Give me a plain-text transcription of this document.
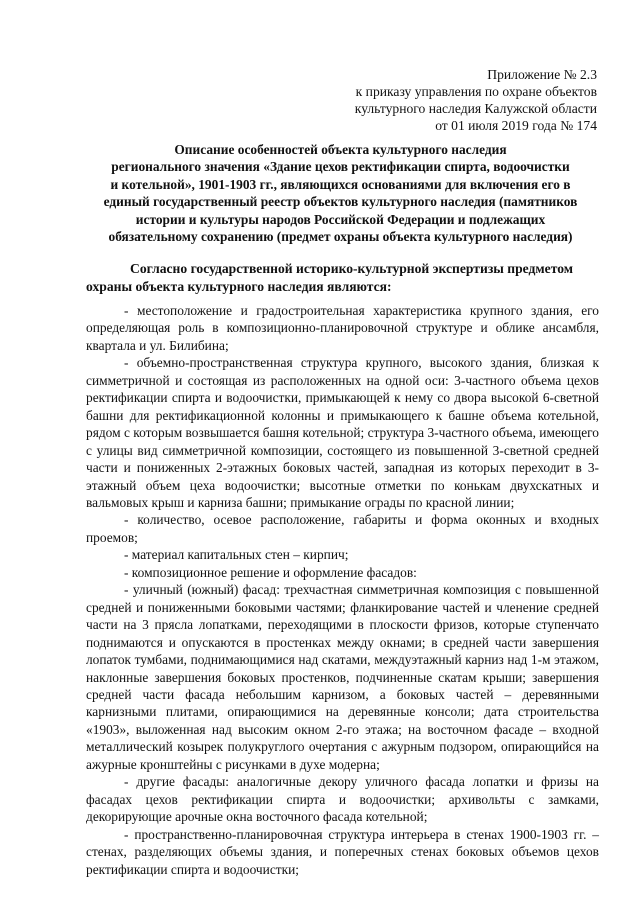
Приложение № 2.3
к приказу управления по охране объектов
культурного наследия Калужской области
от 01 июля 2019 года № 174
Описание особенностей объекта культурного наследия
регионального значения «Здание цехов ректификации спирта, водоочистки
и котельной», 1901-1903 гг., являющихся основаниями для включения его в
единый государственный реестр объектов культурного наследия (памятников
истории и культуры народов Российской Федерации и подлежащих
обязательному сохранению (предмет охраны объекта культурного наследия)
Согласно государственной историко-культурной экспертизы предметом
охраны объекта культурного наследия являются:

- местоположение и градостроительная характеристика крупного здания, его определяющая роль в композиционно-планировочной структуре и облике ансамбля, квартала и ул. Билибина;

- объемно-пространственная структура крупного, высокого здания, близкая к симметричной и состоящая из расположенных на одной оси: 3-частного объема цехов ректификации спирта и водоочистки, примыкающей к нему со двора высокой 6-светной башни для ректификационной колонны и примыкающего к башне объема котельной, рядом с которым возвышается башня котельной; структура 3-частного объема, имеющего с улицы вид симметричной композиции, состоящего из повышенной 3-светной средней части и пониженных 2-этажных боковых частей, западная из которых переходит в 3-этажный объем цеха водоочистки; высотные отметки по конькам двухскатных и вальмовых крыш и карниза башни; примыкание ограды по красной линии;

- количество, осевое расположение, габариты и форма оконных и входных проемов;

- материал капитальных стен – кирпич;

- композиционное решение и оформление фасадов:

- уличный (южный) фасад: трехчастная симметричная композиция с повышенной средней и пониженными боковыми частями; фланкирование частей и членение средней части на 3 прясла лопатками, переходящими в плоскости фризов, которые ступенчато поднимаются и опускаются в простенках между окнами; в средней части завершения лопаток тумбами, поднимающимися над скатами, междуэтажный карниз над 1-м этажом, наклонные завершения боковых простенков, подчиненные скатам крыши; завершения средней части фасада небольшим карнизом, а боковых частей – деревянными карнизными плитами, опирающимися на деревянные консоли; дата строительства «1903», выложенная над высоким окном 2-го этажа; на восточном фасаде – входной металлический козырек полукруглого очертания с ажурным подзором, опирающийся на ажурные кронштейны с рисунками в духе модерна;

- другие фасады: аналогичные декору уличного фасада лопатки и фризы на фасадах цехов ректификации спирта и водоочистки; архивольты с замками, декорирующие арочные окна восточного фасада котельной;

- пространственно-планировочная структура интерьера в стенах 1900-1903 гг. – стенах, разделяющих объемы здания, и поперечных стенах боковых объемов цехов ректификации спирта и водоочистки;
